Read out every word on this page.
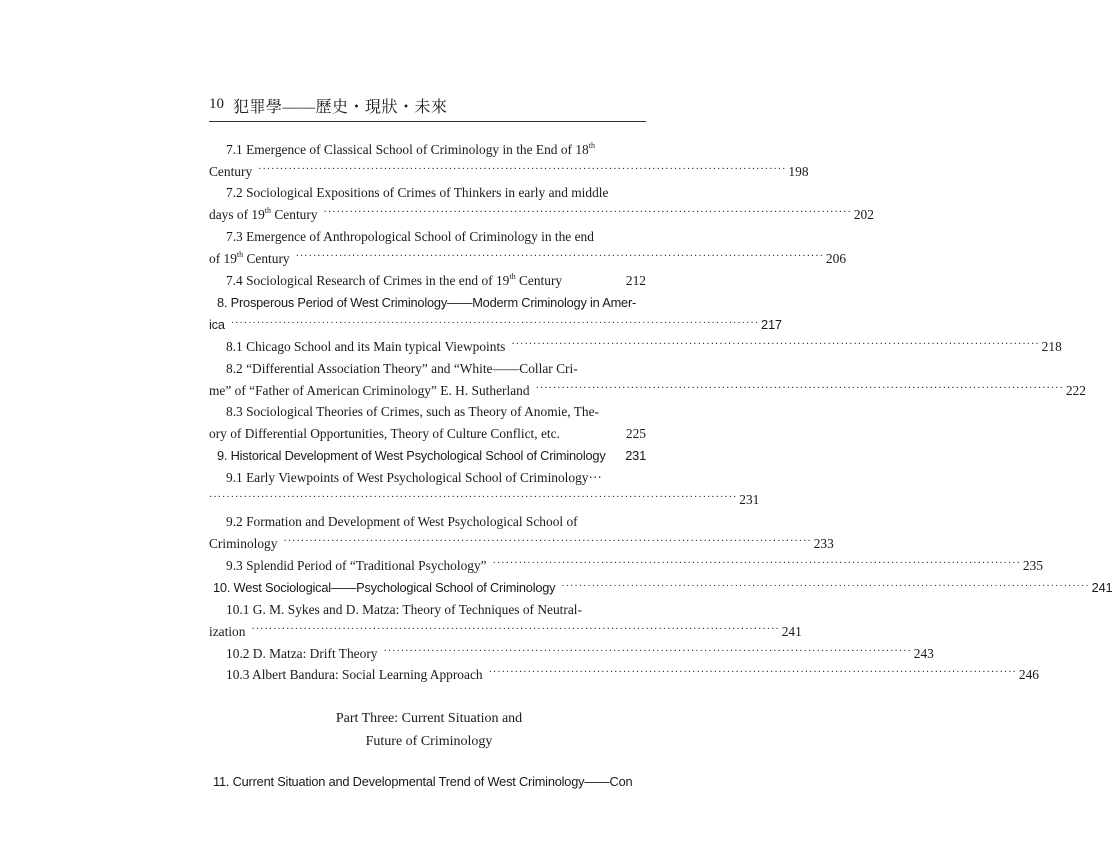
10 犯罪學——歷史・現狀・未來
7.1 Emergence of Classical School of Criminology in the End of 18th
Century ·························································································································· 198
7.2 Sociological Expositions of Crimes of Thinkers in early and middle
days of 19th Century ·························································································································· 202
7.3 Emergence of Anthropological School of Criminology in the end
of 19th Century ·························································································································· 206
7.4 Sociological Research of Crimes in the end of 19th Century	212
8. Prosperous Period of West Criminology——Moderm Criminology in Amer-
ica ·························································································································· 217
8.1 Chicago School and its Main typical Viewpoints ·························································································································· 218
8.2 “Differential Association Theory” and “White——Collar Cri-
me” of “Father of American Criminology” E. H. Sutherland ·························································································································· 222
8.3 Sociological Theories of Crimes, such as Theory of Anomie, The-
ory of Differential Opportunities, Theory of Culture Conflict, etc.	225
9. Historical Development of West Psychological School of Criminology 231
9.1 Early Viewpoints of West Psychological School of Criminology···
·························································································································· 231
9.2 Formation and Development of West Psychological School of
Criminology ·························································································································· 233
9.3 Splendid Period of “Traditional Psychology” ·························································································································· 235
10. West Sociological——Psychological School of Criminology ·························································································································· 241
10.1 G. M. Sykes and D. Matza: Theory of Techniques of Neutral-
ization ·························································································································· 241
10.2 D. Matza: Drift Theory ·························································································································· 243
10.3 Albert Bandura: Social Learning Approach ·························································································································· 246
Part Three: Current Situation and
Future of Criminology
11. Current Situation and Developmental Trend of West Criminology——Con
